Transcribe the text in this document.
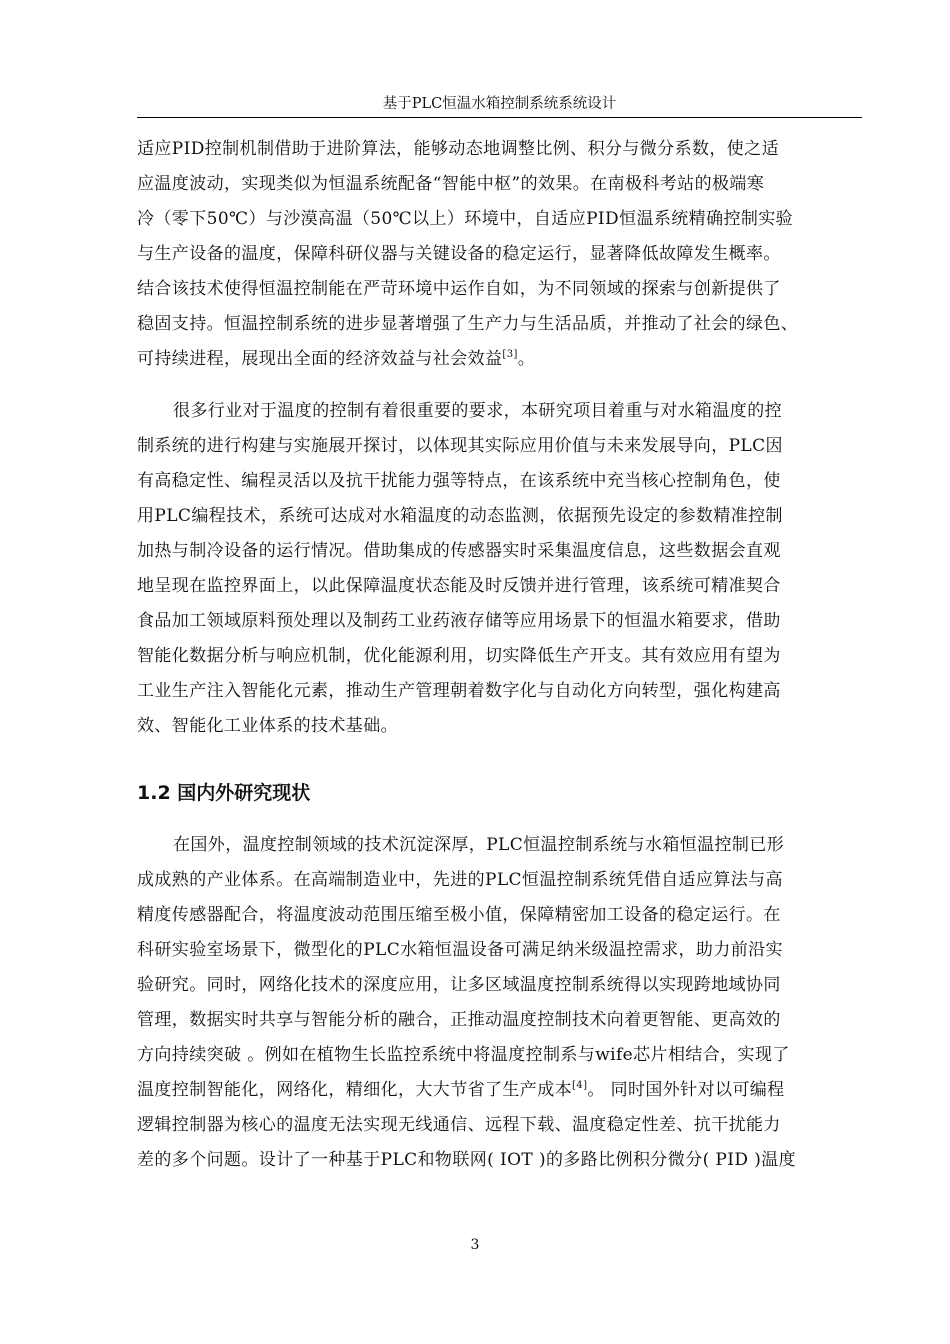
基于PLC恒温水箱控制系统系统设计
适应PID控制机制借助于进阶算法，能够动态地调整比例、积分与微分系数，使之适
应温度波动，实现类似为恒温系统配备“智能中枢”的效果。在南极科考站的极端寒
冷（零下50℃）与沙漠高温（50℃以上）环境中，自适应PID恒温系统精确控制实验
与生产设备的温度，保障科研仪器与关键设备的稳定运行，显著降低故障发生概率。
结合该技术使得恒温控制能在严苛环境中运作自如，为不同领域的探索与创新提供了
稳固支持。恒温控制系统的进步显著增强了生产力与生活品质，并推动了社会的绿色、
可持续进程，展现出全面的经济效益与社会效益[3]。
很多行业对于温度的控制有着很重要的要求，本研究项目着重与对水箱温度的控
制系统的进行构建与实施展开探讨，以体现其实际应用价值与未来发展导向，PLC因
有高稳定性、编程灵活以及抗干扰能力强等特点，在该系统中充当核心控制角色，使
用PLC编程技术，系统可达成对水箱温度的动态监测，依据预先设定的参数精准控制
加热与制冷设备的运行情况。借助集成的传感器实时采集温度信息，这些数据会直观
地呈现在监控界面上，以此保障温度状态能及时反馈并进行管理，该系统可精准契合
食品加工领域原料预处理以及制药工业药液存储等应用场景下的恒温水箱要求，借助
智能化数据分析与响应机制，优化能源利用，切实降低生产开支。其有效应用有望为
工业生产注入智能化元素，推动生产管理朝着数字化与自动化方向转型，强化构建高
效、智能化工业体系的技术基础。
1.2 国内外研究现状
在国外，温度控制领域的技术沉淀深厚，PLC恒温控制系统与水箱恒温控制已形
成成熟的产业体系。在高端制造业中，先进的PLC恒温控制系统凭借自适应算法与高
精度传感器配合，将温度波动范围压缩至极小值，保障精密加工设备的稳定运行。在
科研实验室场景下，微型化的PLC水箱恒温设备可满足纳米级温控需求，助力前沿实
验研究。同时，网络化技术的深度应用，让多区域温度控制系统得以实现跨地域协同
管理，数据实时共享与智能分析的融合，正推动温度控制技术向着更智能、更高效的
方向持续突破 。例如在植物生长监控系统中将温度控制系与wife芯片相结合，实现了
温度控制智能化，网络化，精细化，大大节省了生产成本[4]。 同时国外针对以可编程
逻辑控制器为核心的温度无法实现无线通信、远程下载、温度稳定性差、抗干扰能力
差的多个问题。设计了一种基于PLC和物联网( IOT )的多路比例积分微分( PID )温度
3
